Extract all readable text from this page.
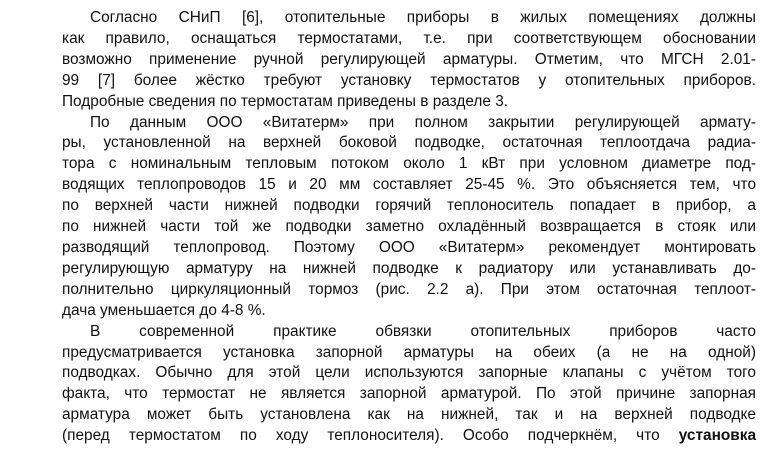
Согласно СНиП [6], отопительные приборы в жилых помещениях должны
как правило, оснащаться термостатами, т.е. при соответствующем обосновании
возможно применение ручной регулирующей арматуры. Отметим, что МГСН 2.01-
99 [7] более жёстко требуют установку термостатов у отопительных приборов.
Подробные сведения по термостатам приведены в разделе 3.

По данным ООО «Витатерм» при полном закрытии регулирующей армату-
ры, установленной на верхней боковой подводке, остаточная теплоотдача радиа-
тора с номинальным тепловым потоком около 1 кВт при условном диаметре под-
водящих теплопроводов 15 и 20 мм составляет 25-45 %. Это объясняется тем, что
по верхней части нижней подводки горячий теплоноситель попадает в прибор, а
по нижней части той же подводки заметно охладённый возвращается в стояк или
разводящий теплопровод. Поэтому ООО «Витатерм» рекомендует монтировать
регулирующую арматуру на нижней подводке к радиатору или устанавливать до-
полнительно циркуляционный тормоз (рис. 2.2 а). При этом остаточная теплоот-
дача уменьшается до 4-8 %.

В современной практике обвязки отопительных приборов часто
предусматривается установка запорной арматуры на обеих (а не на одной)
подводках. Обычно для этой цели используются запорные клапаны с учётом того
факта, что термостат не является запорной арматурой. По этой причине запорная
арматура может быть установлена как на нижней, так и на верхней подводке
(перед термостатом по ходу теплоносителя). Особо подчеркнём, что установка
